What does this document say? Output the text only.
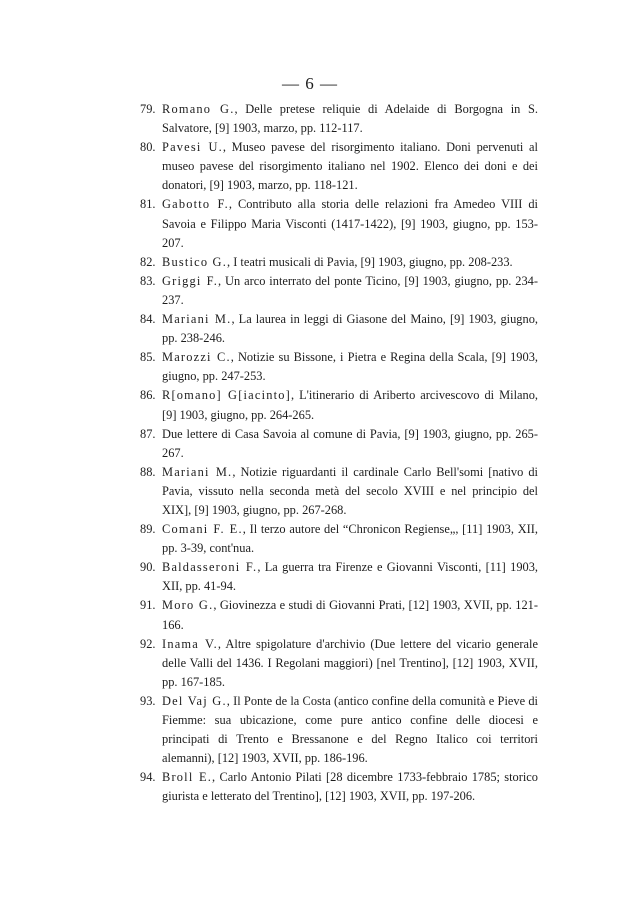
— 6 —

79. Romano G., Delle pretese reliquie di Adelaide di Borgogna in S. Salvatore, [9] 1903, marzo, pp. 112-117.

80. Pavesi U., Museo pavese del risorgimento italiano. Doni pervenuti al museo pavese del risorgimento italiano nel 1902. Elenco dei doni e dei donatori, [9] 1903, marzo, pp. 118-121.

81. Gabotto F., Contributo alla storia delle relazioni fra Amedeo VIII di Savoia e Filippo Maria Visconti (1417-1422), [9] 1903, giugno, pp. 153-207.

82. Bustico G., I teatri musicali di Pavia, [9] 1903, giugno, pp. 208-233.

83. Griggi F., Un arco interrato del ponte Ticino, [9] 1903, giugno, pp. 234-237.

84. Mariani M., La laurea in leggi di Giasone del Maino, [9] 1903, giugno, pp. 238-246.

85. Marozzi C., Notizie su Bissone, i Pietra e Regina della Scala, [9] 1903, giugno, pp. 247-253.

86. R[omano] G[iacinto], L'itinerario di Ariberto arcivescovo di Milano, [9] 1903, giugno, pp. 264-265.

87. Due lettere di Casa Savoia al comune di Pavia, [9] 1903, giugno, pp. 265-267.

88. Mariani M., Notizie riguardanti il cardinale Carlo Bell'somi [nativo di Pavia, vissuto nella seconda metà del secolo XVIII e nel principio del XIX], [9] 1903, giugno, pp. 267-268.

89. Comani F. E., Il terzo autore del “Chronicon Regiense„, [11] 1903, XII, pp. 3-39, cont'nua.

90. Baldasseroni F., La guerra tra Firenze e Giovanni Visconti, [11] 1903, XII, pp. 41-94.

91. Moro G., Giovinezza e studi di Giovanni Prati, [12] 1903, XVII, pp. 121-166.

92. Inama V., Altre spigolature d'archivio (Due lettere del vicario generale delle Valli del 1436. I Regolani maggiori) [nel Trentino], [12] 1903, XVII, pp. 167-185.

93. Del Vaj G., Il Ponte de la Costa (antico confine della comunità e Pieve di Fiemme: sua ubicazione, come pure antico confine delle diocesi e principati di Trento e Bressanone e del Regno Italico coi territori alemanni), [12] 1903, XVII, pp. 186-196.

94. Broll E., Carlo Antonio Pilati [28 dicembre 1733-febbraio 1785; storico giurista e letterato del Trentino], [12] 1903, XVII, pp. 197-206.
